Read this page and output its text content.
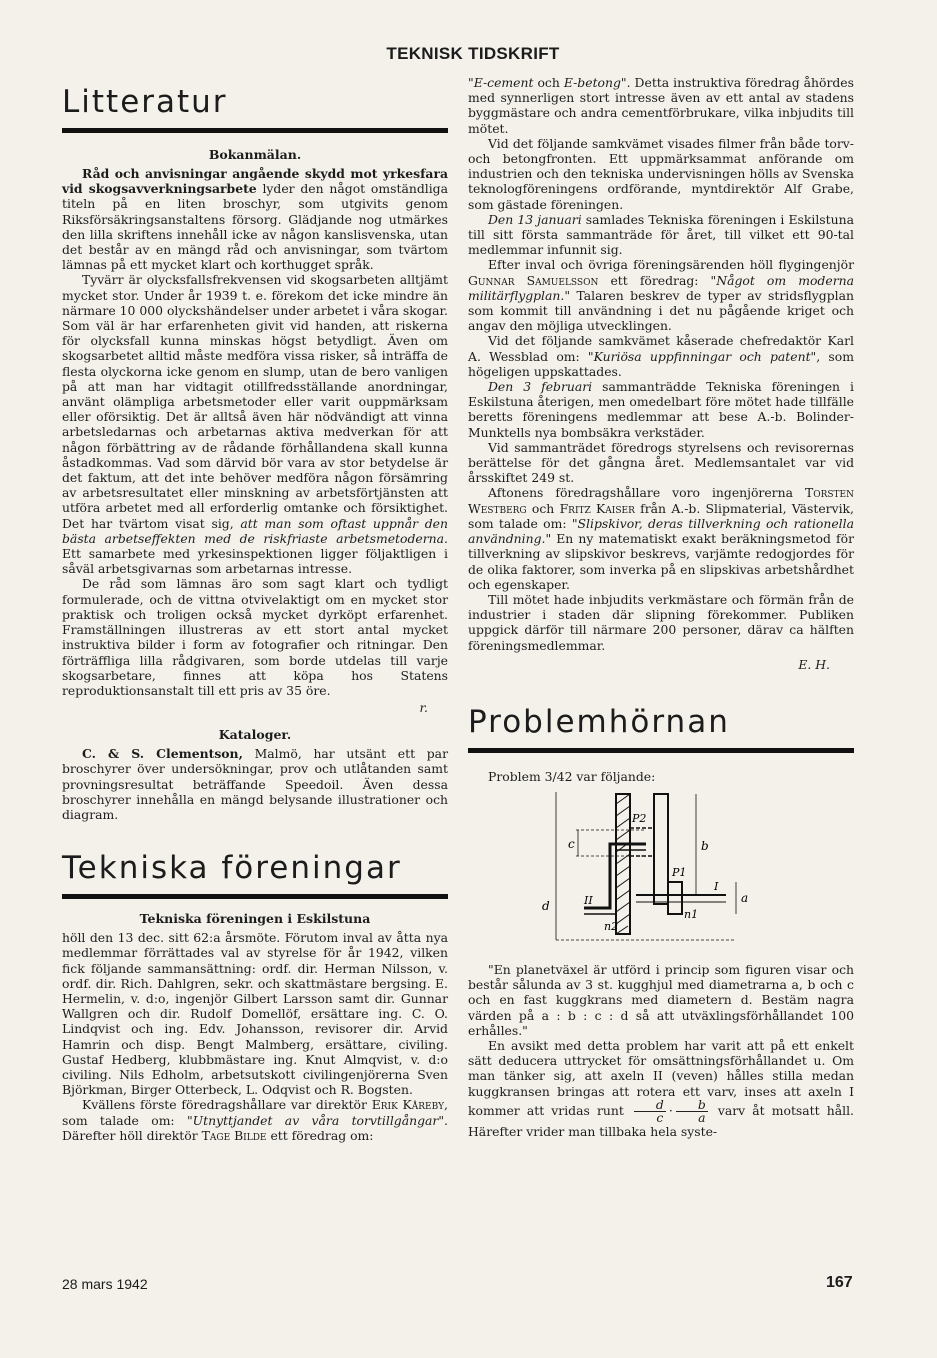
TEKNISK TIDSKRIFT
Litteratur
Bokanmälan.

Råd och anvisningar angående skydd mot yrkesfara vid skogsavverkningsarbete lyder den något omständliga titeln på en liten broschyr, som utgivits genom Riksförsäkringsanstaltens försorg. Glädjande nog utmärkes den lilla skriftens innehåll icke av någon kanslisvenska, utan det består av en mängd råd och anvisningar, som tvärtom lämnas på ett mycket klart och korthugget språk.

Tyvärr är olycksfallsfrekvensen vid skogsarbeten alltjämt mycket stor. Under år 1939 t. e. förekom det icke mindre än närmare 10 000 olyckshändelser under arbetet i våra skogar. Som väl är har erfarenheten givit vid handen, att riskerna för olycksfall kunna minskas högst betydligt. Även om skogsarbetet alltid måste medföra vissa risker, så inträffa de flesta olyckorna icke genom en slump, utan de bero vanligen på att man har vidtagit otillfredsställande anordningar, använt olämpliga arbetsmetoder eller varit ouppmärksam eller oförsiktig. Det är alltså även här nödvändigt att vinna arbetsledarnas och arbetarnas aktiva medverkan för att någon förbättring av de rådande förhållandena skall kunna åstadkommas. Vad som därvid bör vara av stor betydelse är det faktum, att det inte behöver medföra någon försämring av arbetsresultatet eller minskning av arbetsförtjänsten att utföra arbetet med all erforderlig omtanke och försiktighet. Det har tvärtom visat sig, att man som oftast uppnår den bästa arbetseffekten med de riskfriaste arbetsmetoderna. Ett samarbete med yrkesinspektionen ligger följaktligen i såväl arbetsgivarnas som arbetarnas intresse.

De råd som lämnas äro som sagt klart och tydligt formulerade, och de vittna otvivelaktigt om en mycket stor praktisk och troligen också mycket dyrköpt erfarenhet. Framställningen illustreras av ett stort antal mycket instruktiva bilder i form av fotografier och ritningar. Den förträffliga lilla rådgivaren, som borde utdelas till varje skogsarbetare, finnes att köpa hos Statens reproduktionsanstalt till ett pris av 35 öre.

r.
Kataloger.

C. & S. Clementson, Malmö, har utsänt ett par broschyrer över undersökningar, prov och utlåtanden samt provningsresultat beträffande Speedoil. Även dessa broschyrer innehålla en mängd belysande illustrationer och diagram.

Tekniska föreningar
Tekniska föreningen i Eskilstuna

höll den 13 dec. sitt 62:a årsmöte. Förutom inval av åtta nya medlemmar förrättades val av styrelse för år 1942, vilken fick följande sammansättning: ordf. dir. Herman Nilsson, v. ordf. dir. Rich. Dahlgren, sekr. och skattmästare bergsing. E. Hermelin, v. d:o, ingenjör Gilbert Larsson samt dir. Gunnar Wallgren och dir. Rudolf Domellöf, ersättare ing. C. O. Lindqvist och ing. Edv. Johansson, revisorer dir. Arvid Hamrin och disp. Bengt Malmberg, ersättare, civiling. Gustaf Hedberg, klubbmästare ing. Knut Almqvist, v. d:o civiling. Nils Edholm, arbetsutskott civilingenjörerna Sven Björkman, Birger Otterbeck, L. Odqvist och R. Bogsten.

Kvällens förste föredragshållare var direktör Erik Kåreby, som talade om: "Utnyttjandet av våra torvtillgångar". Därefter höll direktör Tage Bilde ett föredrag om:

"E-cement och E-betong". Detta instruktiva föredrag åhördes med synnerligen stort intresse även av ett antal av stadens byggmästare och andra cementförbrukare, vilka inbjudits till mötet.

Vid det följande samkvämet visades filmer från både torv- och betongfronten. Ett uppmärksammat anförande om industrien och den tekniska undervisningen hölls av Svenska teknologföreningens ordförande, myntdirektör Alf Grabe, som gästade föreningen.

Den 13 januari samlades Tekniska föreningen i Eskilstuna till sitt första sammanträde för året, till vilket ett 90-tal medlemmar infunnit sig.

Efter inval och övriga föreningsärenden höll flygingenjör Gunnar Samuelsson ett föredrag: "Något om moderna militärflygplan." Talaren beskrev de typer av stridsflygplan som kommit till användning i det nu pågående kriget och angav den möjliga utvecklingen.

Vid det följande samkvämet kåserade chefredaktör Karl A. Wessblad om: "Kuriösa uppfinningar och patent", som högeligen uppskattades.

Den 3 februari sammanträdde Tekniska föreningen i Eskilstuna återigen, men omedelbart före mötet hade tillfälle beretts föreningens medlemmar att bese A.-b. Bolinder-Munktells nya bombsäkra verkstäder.

Vid sammanträdet föredrogs styrelsens och revisorernas berättelse för det gångna året. Medlemsantalet var vid årsskiftet 249 st.

Aftonens föredragshållare voro ingenjörerna Torsten Westberg och Fritz Kaiser från A.-b. Slipmaterial, Västervik, som talade om: "Slipskivor, deras tillverkning och rationella användning." En ny matematiskt exakt beräkningsmetod för tillverkning av slipskivor beskrevs, varjämte redogjordes för de olika faktorer, som inverka på en slipskivas arbetshårdhet och egenskaper.

Till mötet hade inbjudits verkmästare och förmän från de industrier i staden där slipning förekommer. Publiken uppgick därför till närmare 200 personer, därav ca hälften föreningsmedlemmar.

E. H.
Problemhörnan

Problem 3/42 var följande:

c	b
P2
P1
II
I
d
a
n2
n1

"En planetväxel är utförd i princip som figuren visar och består sålunda av 3 st. kugghjul med diametrarna a, b och c och en fast kuggkrans med diametern d. Bestäm nagra värden på a : b : c : d så att utväxlingsförhållandet 100 erhålles."

En avsikt med detta problem har varit att på ett enkelt sätt deducera uttrycket för omsättningsförhållandet u. Om man tänker sig, att axeln II (veven) hålles stilla medan kuggkransen bringas att rotera ett varv, inses att axeln I kommer att vridas runt $\frac{d}{c} \cdot \frac{b}{a}$ varv åt motsatt håll. Härefter vrider man tillbaka hela syste-

28 mars 1942	167
